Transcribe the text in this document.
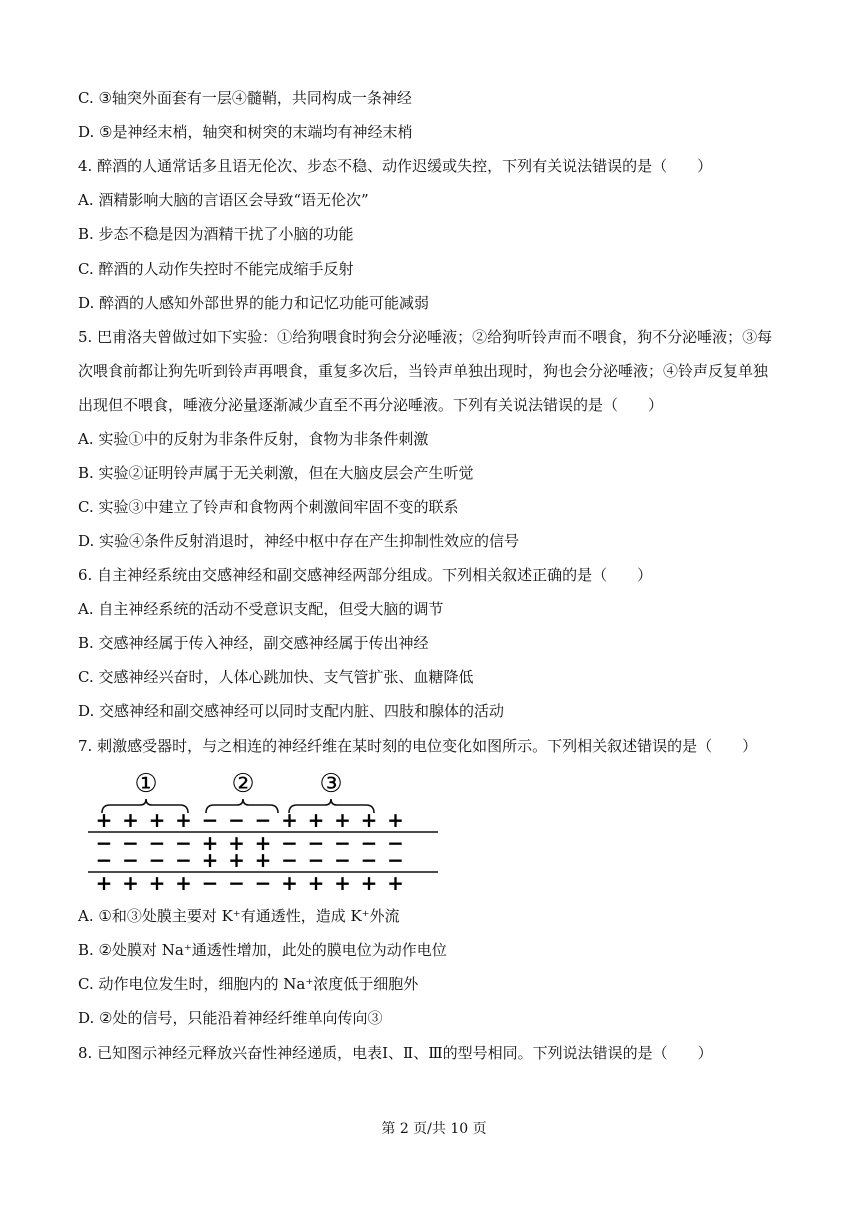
C. ③轴突外面套有一层④髓鞘，共同构成一条神经
D. ⑤是神经末梢，轴突和树突的末端均有神经末梢
4. 醉酒的人通常话多且语无伦次、步态不稳、动作迟缓或失控，下列有关说法错误的是（　　）
A. 酒精影响大脑的言语区会导致“语无伦次”
B. 步态不稳是因为酒精干扰了小脑的功能
C. 醉酒的人动作失控时不能完成缩手反射
D. 醉酒的人感知外部世界的能力和记忆功能可能减弱
5. 巴甫洛夫曾做过如下实验：①给狗喂食时狗会分泌唾液；②给狗听铃声而不喂食，狗不分泌唾液；③每
次喂食前都让狗先听到铃声再喂食，重复多次后，当铃声单独出现时，狗也会分泌唾液；④铃声反复单独
出现但不喂食，唾液分泌量逐渐减少直至不再分泌唾液。下列有关说法错误的是（　　）
A. 实验①中的反射为非条件反射，食物为非条件刺激
B. 实验②证明铃声属于无关刺激，但在大脑皮层会产生听觉
C. 实验③中建立了铃声和食物两个刺激间牢固不变的联系
D. 实验④条件反射消退时，神经中枢中存在产生抑制性效应的信号
6. 自主神经系统由交感神经和副交感神经两部分组成。下列相关叙述正确的是（　　）
A. 自主神经系统的活动不受意识支配，但受大脑的调节
B. 交感神经属于传入神经，副交感神经属于传出神经
C. 交感神经兴奋时，人体心跳加快、支气管扩张、血糖降低
D. 交感神经和副交感神经可以同时支配内脏、四肢和腺体的活动
7. 刺激感受器时，与之相连的神经纤维在某时刻的电位变化如图所示。下列相关叙述错误的是（　　）
①	② ③
+ + + + − − − + + + + +
− − − − + + + − − − − −
− − − − + + + − − − − −
+ + + + − − − + + + + +
A. ①和③处膜主要对 K⁺有通透性，造成 K⁺外流
B. ②处膜对 Na⁺通透性增加，此处的膜电位为动作电位
C. 动作电位发生时，细胞内的 Na⁺浓度低于细胞外
D. ②处的信号，只能沿着神经纤维单向传向③
8. 已知图示神经元释放兴奋性神经递质，电表Ⅰ、Ⅱ、Ⅲ的型号相同。下列说法错误的是（　　）
第 2 页/共 10 页
